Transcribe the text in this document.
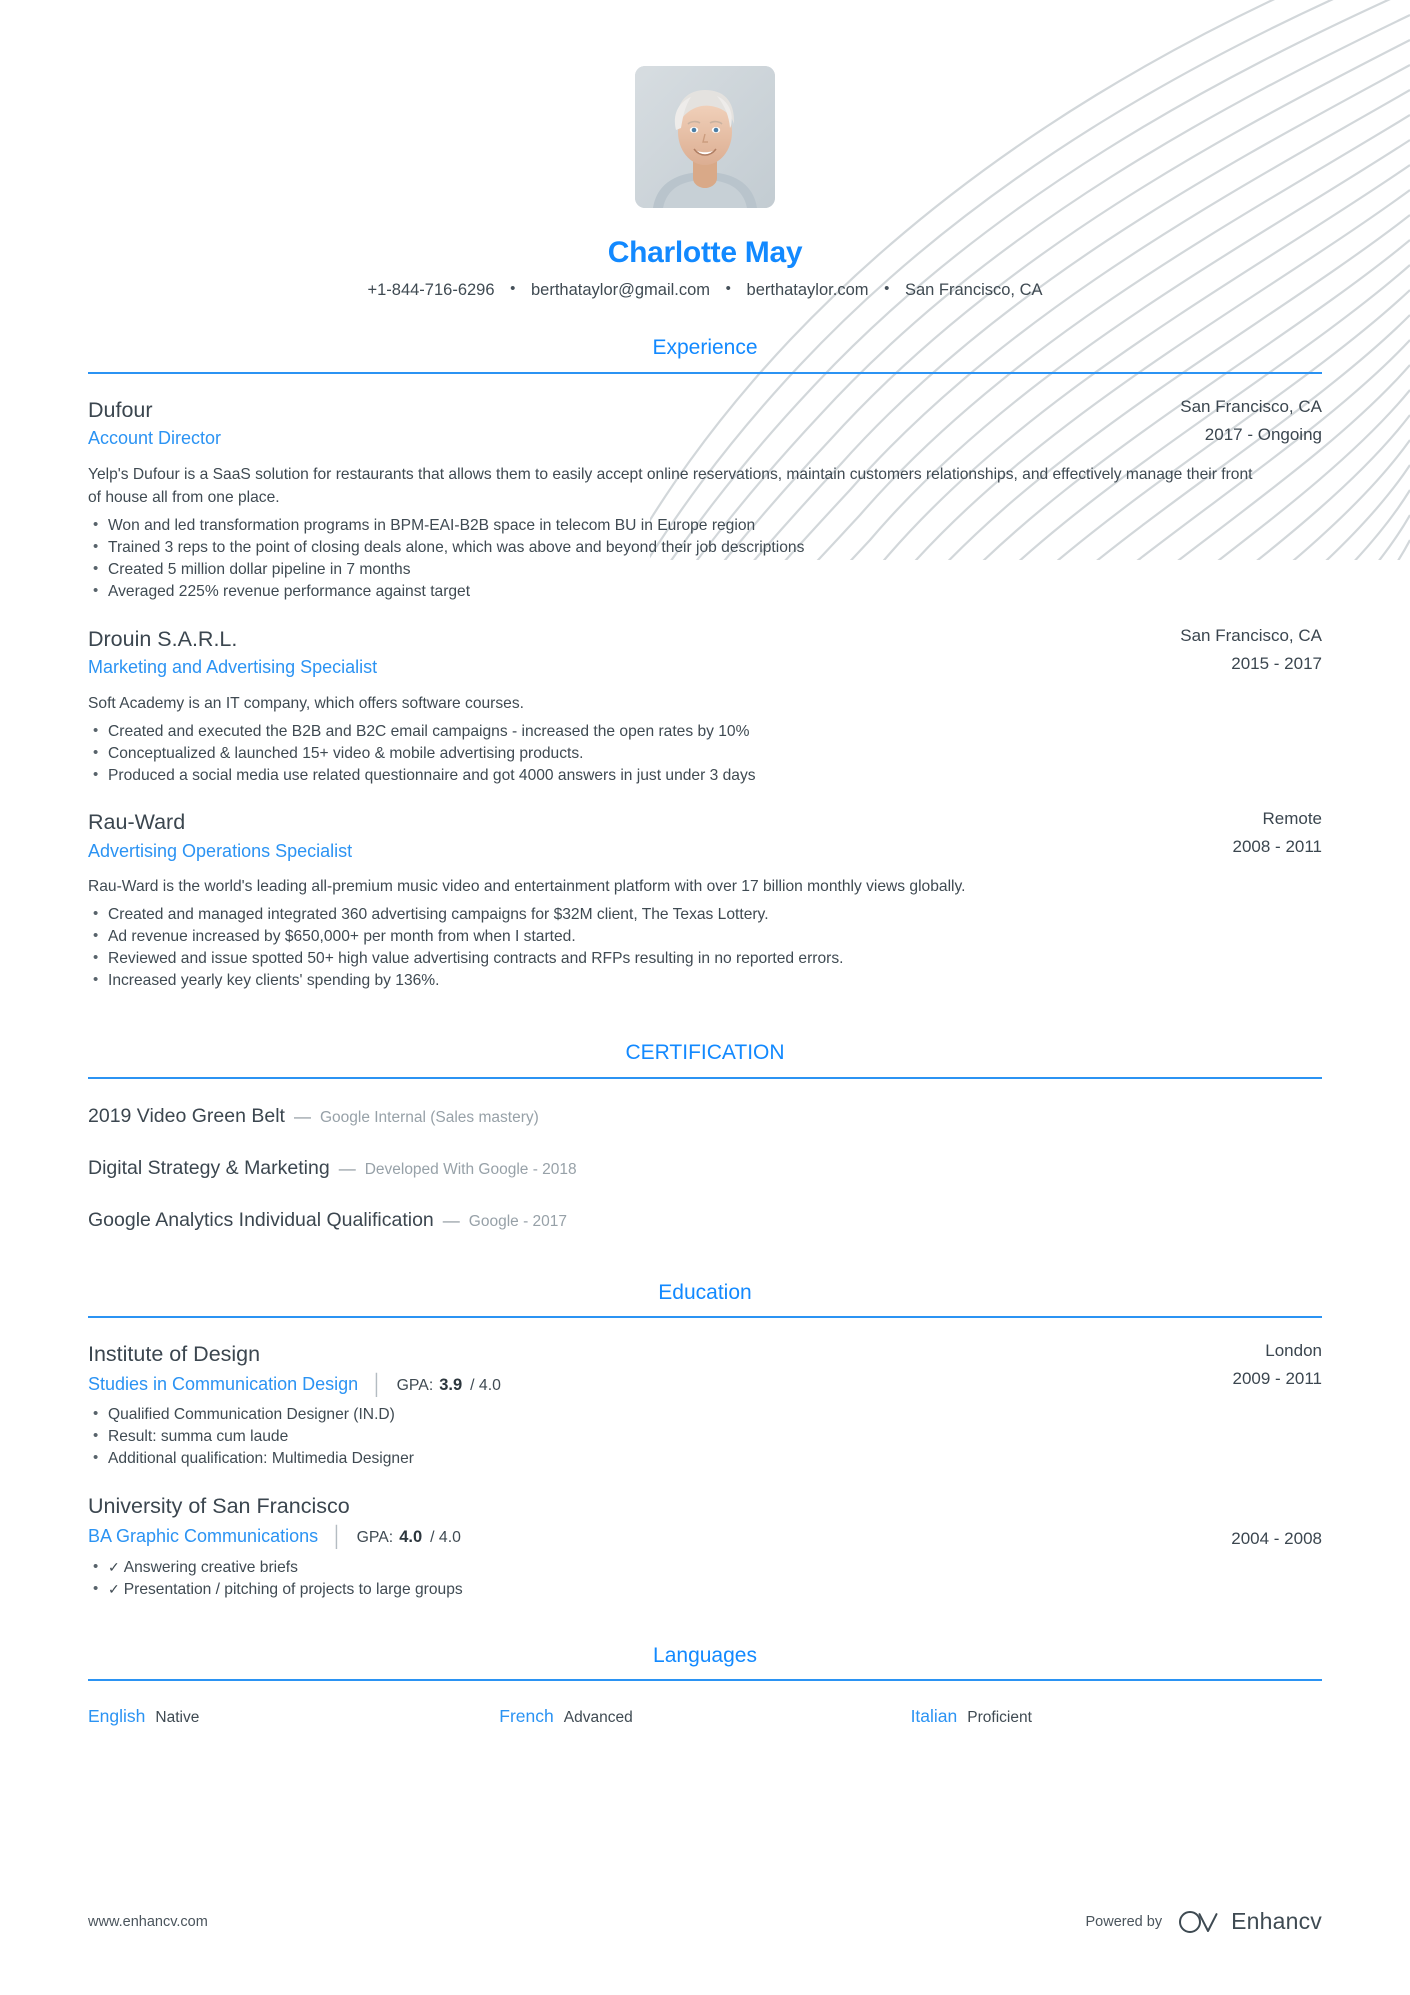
Charlotte May
+1-844-716-6296 • berthataylor@gmail.com • berthataylor.com • San Francisco, CA
Experience
Dufour
Account Director
San Francisco, CA
2017 - Ongoing
Yelp's Dufour is a SaaS solution for restaurants that allows them to easily accept online reservations, maintain customers relationships, and effectively manage their front of house all from one place.
• Won and led transformation programs in BPM-EAI-B2B space in telecom BU in Europe region
• Trained 3 reps to the point of closing deals alone, which was above and beyond their job descriptions
• Created 5 million dollar pipeline in 7 months
• Averaged 225% revenue performance against target
Drouin S.A.R.L.
Marketing and Advertising Specialist
San Francisco, CA
2015 - 2017
Soft Academy is an IT company, which offers software courses.
• Created and executed the B2B and B2C email campaigns - increased the open rates by 10%
• Conceptualized & launched 15+ video & mobile advertising products.
• Produced a social media use related questionnaire and got 4000 answers in just under 3 days
Rau-Ward
Advertising Operations Specialist
Remote
2008 - 2011
Rau-Ward is the world's leading all-premium music video and entertainment platform with over 17 billion monthly views globally.
• Created and managed integrated 360 advertising campaigns for $32M client, The Texas Lottery.
• Ad revenue increased by $650,000+ per month from when I started.
• Reviewed and issue spotted 50+ high value advertising contracts and RFPs resulting in no reported errors.
• Increased yearly key clients' spending by 136%.
CERTIFICATION
2019 Video Green Belt — Google Internal (Sales mastery)
Digital Strategy & Marketing — Developed With Google - 2018
Google Analytics Individual Qualification — Google - 2017
Education
Institute of Design
Studies in Communication Design │ GPA: 3.9 / 4.0
London
2009 - 2011
• Qualified Communication Designer (IN.D)
• Result: summa cum laude
• Additional qualification: Multimedia Designer
University of San Francisco
BA Graphic Communications │ GPA: 4.0 / 4.0	2004 - 2008
• ✓ Answering creative briefs
• ✓ Presentation / pitching of projects to large groups
Languages
English Native	French Advanced	Italian Proficient
www.enhancv.com	Powered by	Enhancv
